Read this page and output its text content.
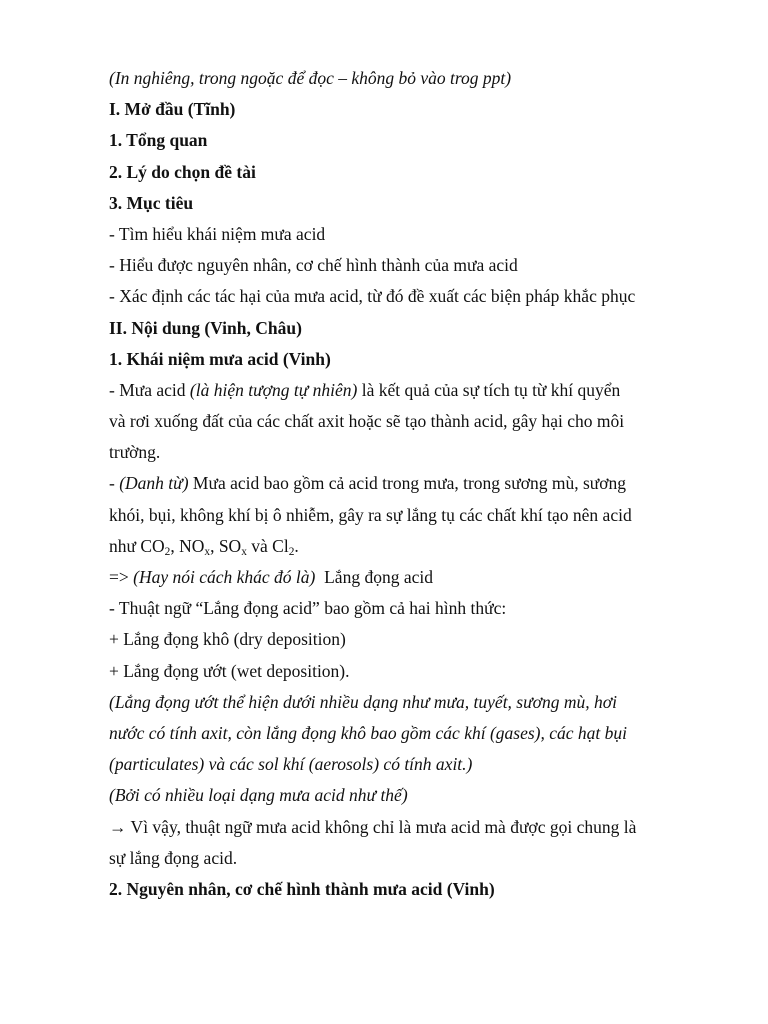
(In nghiêng, trong ngoặc để đọc – không bỏ vào trog ppt)
I. Mở đầu (Tĩnh)
1. Tổng quan
2. Lý do chọn đề tài
3. Mục tiêu
- Tìm hiểu khái niệm mưa acid
- Hiểu được nguyên nhân, cơ chế hình thành của mưa acid
- Xác định các tác hại của mưa acid, từ đó đề xuất các biện pháp khắc phục
II. Nội dung (Vinh, Châu)
1. Khái niệm mưa acid (Vinh)
- Mưa acid (là hiện tượng tự nhiên) là kết quả của sự tích tụ từ khí quyển
và rơi xuống đất của các chất axit hoặc sẽ tạo thành acid, gây hại cho môi
trường.
- (Danh từ) Mưa acid bao gồm cả acid trong mưa, trong sương mù, sương
khói, bụi, không khí bị ô nhiễm, gây ra sự lắng tụ các chất khí tạo nên acid
như $CO_2$, $NO_x$, $SO_x$ và $Cl_2$.
=> (Hay nói cách khác đó là)  Lắng đọng acid
- Thuật ngữ “Lắng đọng acid” bao gồm cả hai hình thức:
+ Lắng đọng khô (dry deposition)
+ Lắng đọng ướt (wet deposition).
(Lắng đọng ướt thể hiện dưới nhiều dạng như mưa, tuyết, sương mù, hơi
nước có tính axit, còn lắng đọng khô bao gồm các khí (gases), các hạt bụi
(particulates) và các sol khí (aerosols) có tính axit.)
(Bởi có nhiều loại dạng mưa acid như thế)
→ Vì vậy, thuật ngữ mưa acid không chỉ là mưa acid mà được gọi chung là
sự lắng đọng acid.
2. Nguyên nhân, cơ chế hình thành mưa acid (Vinh)
